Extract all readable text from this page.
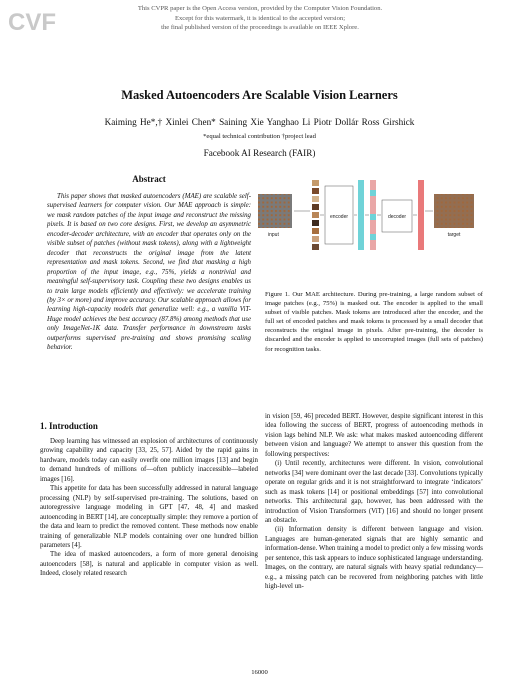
CVF
This CVPR paper is the Open Access version, provided by the Computer Vision Foundation.
Except for this watermark, it is identical to the accepted version;
the final published version of the proceedings is available on IEEE Xplore.
Masked Autoencoders Are Scalable Vision Learners
Kaiming He*,† Xinlei Chen* Saining Xie Yanghao Li Piotr Dollár Ross Girshick
*equal technical contribution †project lead
Facebook AI Research (FAIR)
Abstract

This paper shows that masked autoencoders (MAE) are scalable self-supervised learners for computer vision. Our MAE approach is simple: we mask random patches of the input image and reconstruct the missing pixels. It is based on two core designs. First, we develop an asymmetric encoder-decoder architecture, with an encoder that operates only on the visible subset of patches (without mask tokens), along with a lightweight decoder that reconstructs the original image from the latent representation and mask tokens. Second, we find that masking a high proportion of the input image, e.g., 75%, yields a nontrivial and meaningful self-supervisory task. Coupling these two designs enables us to train large models efficiently and effectively: we accelerate training (by 3× or more) and improve accuracy. Our scalable approach allows for learning high-capacity models that generalize well: e.g., a vanilla ViT-Huge model achieves the best accuracy (87.8%) among methods that use only ImageNet-1K data. Transfer performance in downstream tasks outperforms supervised pre-training and shows promising scaling behavior.

1. Introduction

Deep learning has witnessed an explosion of architectures of continuously growing capability and capacity [33, 25, 57]. Aided by the rapid gains in hardware, models today can easily overfit one million images [13] and begin to demand hundreds of millions of—often publicly inaccessible—labeled images [16].

This appetite for data has been successfully addressed in natural language processing (NLP) by self-supervised pre-training. The solutions, based on autoregressive language modeling in GPT [47, 48, 4] and masked autoencoding in BERT [14], are conceptually simple: they remove a portion of the data and learn to predict the removed content. These methods now enable training of generalizable NLP models containing over one hundred billion parameters [4].

The idea of masked autoencoders, a form of more general denoising autoencoders [58], is natural and applicable in computer vision as well. Indeed, closely related research

encoder	decoder
input	target
Figure 1. Our MAE architecture. During pre-training, a large random subset of image patches (e.g., 75%) is masked out. The encoder is applied to the small subset of visible patches. Mask tokens are introduced after the encoder, and the full set of encoded patches and mask tokens is processed by a small decoder that reconstructs the original image in pixels. After pre-training, the decoder is discarded and the encoder is applied to uncorrupted images (full sets of patches) for recognition tasks.

in vision [59, 46] preceded BERT. However, despite significant interest in this idea following the success of BERT, progress of autoencoding methods in vision lags behind NLP. We ask: what makes masked autoencoding different between vision and language? We attempt to answer this question from the following perspectives:

(i) Until recently, architectures were different. In vision, convolutional networks [34] were dominant over the last decade [33]. Convolutions typically operate on regular grids and it is not straightforward to integrate ‘indicators’ such as mask tokens [14] or positional embeddings [57] into convolutional networks. This architectural gap, however, has been addressed with the introduction of Vision Transformers (ViT) [16] and should no longer present an obstacle.

(ii) Information density is different between language and vision. Languages are human-generated signals that are highly semantic and information-dense. When training a model to predict only a few missing words per sentence, this task appears to induce sophisticated language understanding. Images, on the contrary, are natural signals with heavy spatial redundancy—e.g., a missing patch can be recovered from neighboring patches with little high-level un-

16000
